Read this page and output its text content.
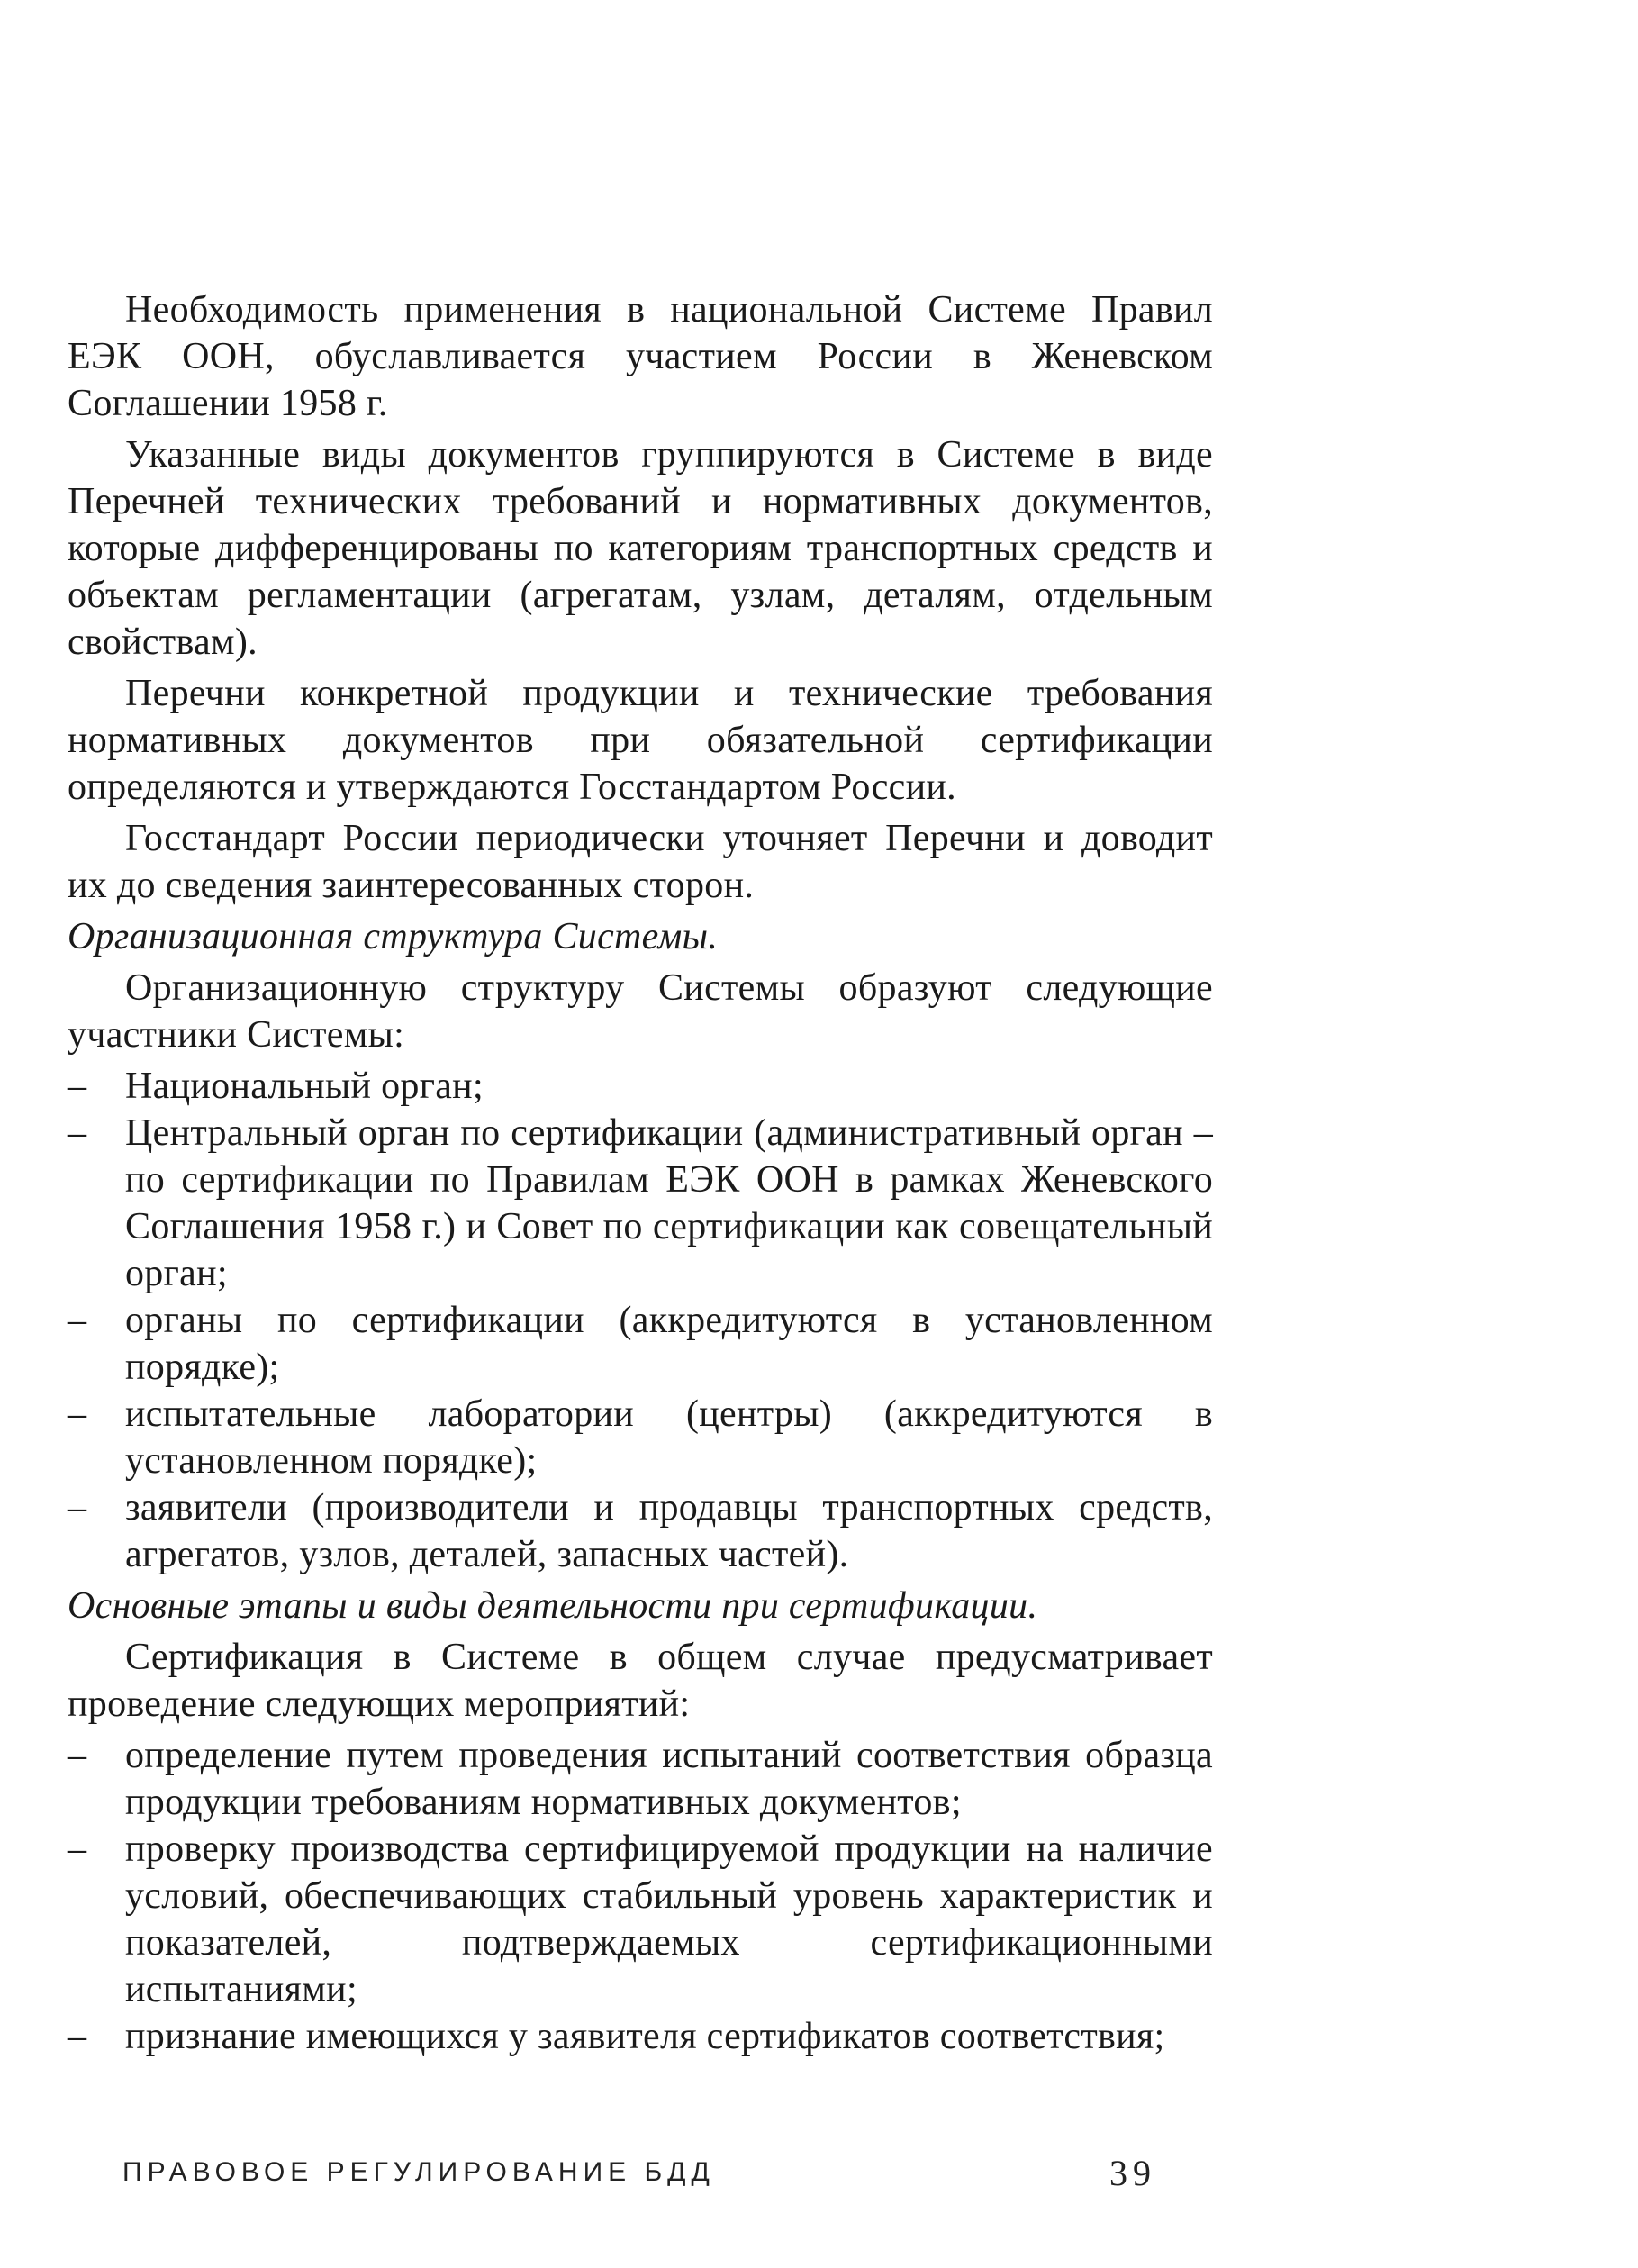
Необходимость применения в национальной Системе Правил ЕЭК ООН, обуславливается участием России в Женевском Соглашении 1958 г.

Указанные виды документов группируются в Системе в виде Перечней технических требований и нормативных документов, которые дифференцированы по категориям транспортных средств и объектам регламентации (агрегатам, узлам, деталям, отдельным свойствам).

Перечни конкретной продукции и технические требования нормативных документов при обязательной сертификации определяются и утверждаются Госстандартом России.

Госстандарт России периодически уточняет Перечни и доводит их до сведения заинтересованных сторон.

Организационная структура Системы.

Организационную структуру Системы образуют следующие участники Системы:

– Национальный орган;
– Центральный орган по сертификации (административный орган – по сертификации по Правилам ЕЭК ООН в рамках Женевского Соглашения 1958 г.) и Совет по сертификации как совещательный орган;
– органы по сертификации (аккредитуются в установленном порядке);
– испытательные лаборатории (центры) (аккредитуются в установленном порядке);
– заявители (производители и продавцы транспортных средств, агрегатов, узлов, деталей, запасных частей).

Основные этапы и виды деятельности при сертификации.

Сертификация в Системе в общем случае предусматривает проведение следующих мероприятий:

– определение путем проведения испытаний соответствия образца продукции требованиям нормативных документов;
– проверку производства сертифицируемой продукции на наличие условий, обеспечивающих стабильный уровень характеристик и показателей, подтверждаемых сертификационными испытаниями;
– признание имеющихся у заявителя сертификатов соответствия;
ПРАВОВОЕ РЕГУЛИРОВАНИЕ БДД	39
